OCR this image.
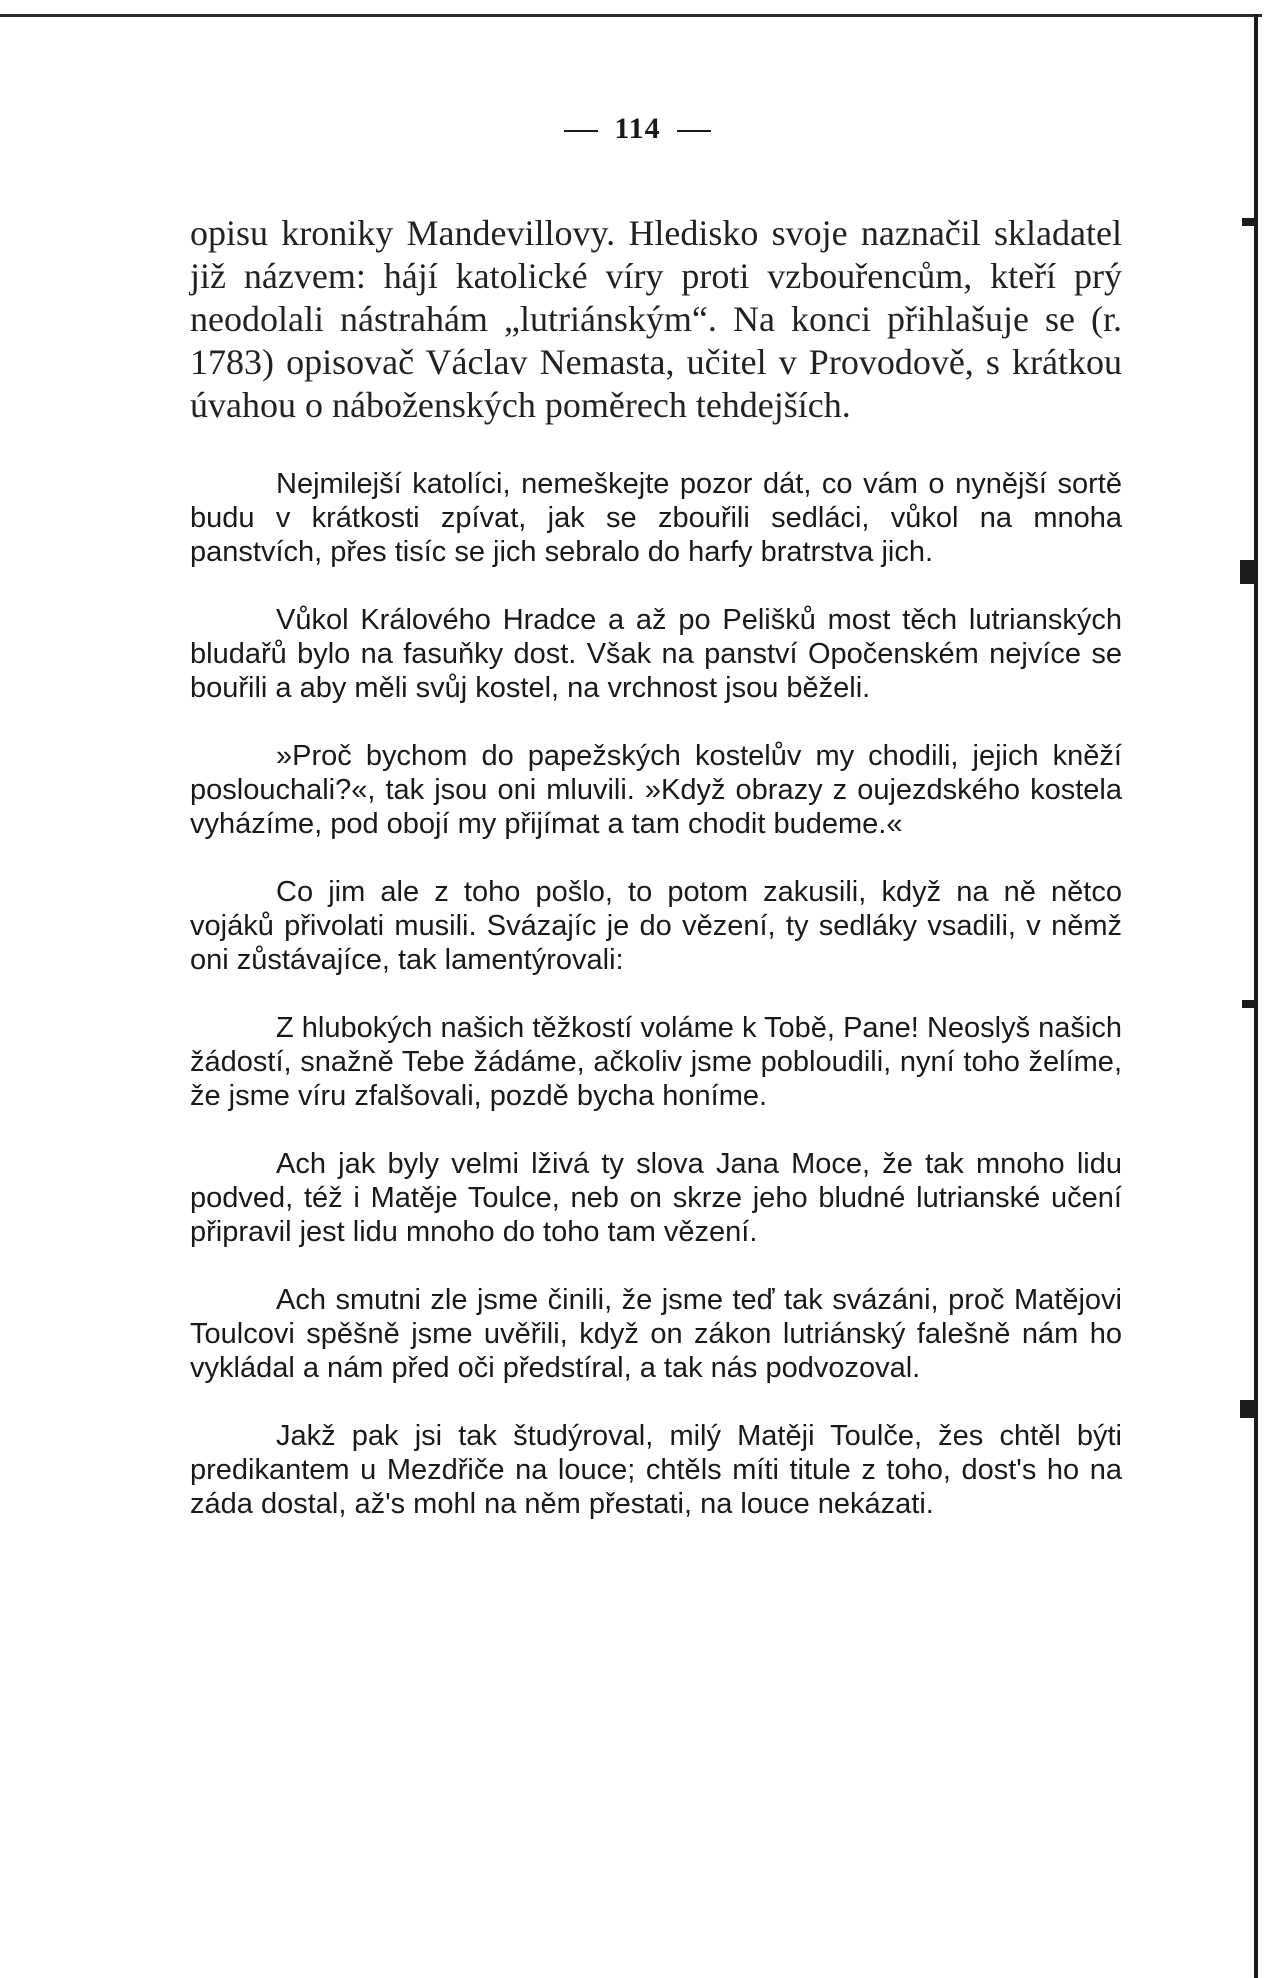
114

opisu kroniky Mandevillovy. Hledisko svoje naznačil skladatel již názvem: hájí katolické víry proti vzbouřencům, kteří prý neodolali nástrahám „lutriánským“. Na konci přihlašuje se (r. 1783) opisovač Václav Nemasta, učitel v Provodově, s krátkou úvahou o náboženských poměrech tehdejších.

Nejmilejší katolíci, nemeškejte pozor dát, co vám o nynější sortě budu v krátkosti zpívat, jak se zbouřili sedláci, vůkol na mnoha panstvích, přes tisíc se jich sebralo do harfy bratrstva jich.

Vůkol Králového Hradce a až po Pelišků most těch lutrianských bludařů bylo na fasuňky dost. Však na panství Opočenském nejvíce se bouřili a aby měli svůj kostel, na vrchnost jsou běželi.

»Proč bychom do papežských kostelův my chodili, jejich kněží poslouchali?«, tak jsou oni mluvili. »Když obrazy z oujezdského kostela vyházíme, pod obojí my přijímat a tam chodit budeme.«

Co jim ale z toho pošlo, to potom zakusili, když na ně nětco vojáků přivolati musili. Svázajíc je do vězení, ty sedláky vsadili, v němž oni zůstávajíce, tak lamentýrovali:

Z hlubokých našich těžkostí voláme k Tobě, Pane! Neoslyš našich žádostí, snažně Tebe žádáme, ačkoliv jsme pobloudili, nyní toho želíme, že jsme víru zfalšovali, pozdě bycha honíme.

Ach jak byly velmi lživá ty slova Jana Moce, že tak mnoho lidu podved, též i Matěje Toulce, neb on skrze jeho bludné lutrianské učení připravil jest lidu mnoho do toho tam vězení.

Ach smutni zle jsme činili, že jsme teď tak svázáni, proč Matějovi Toulcovi spěšně jsme uvěřili, když on zákon lutriánský falešně nám ho vykládal a nám před oči předstíral, a tak nás podvozoval.

Jakž pak jsi tak študýroval, milý Matěji Toulče, žes chtěl býti predikantem u Mezdřiče na louce; chtěls míti titule z toho, dost's ho na záda dostal, až's mohl na něm přestati, na louce nekázati.
